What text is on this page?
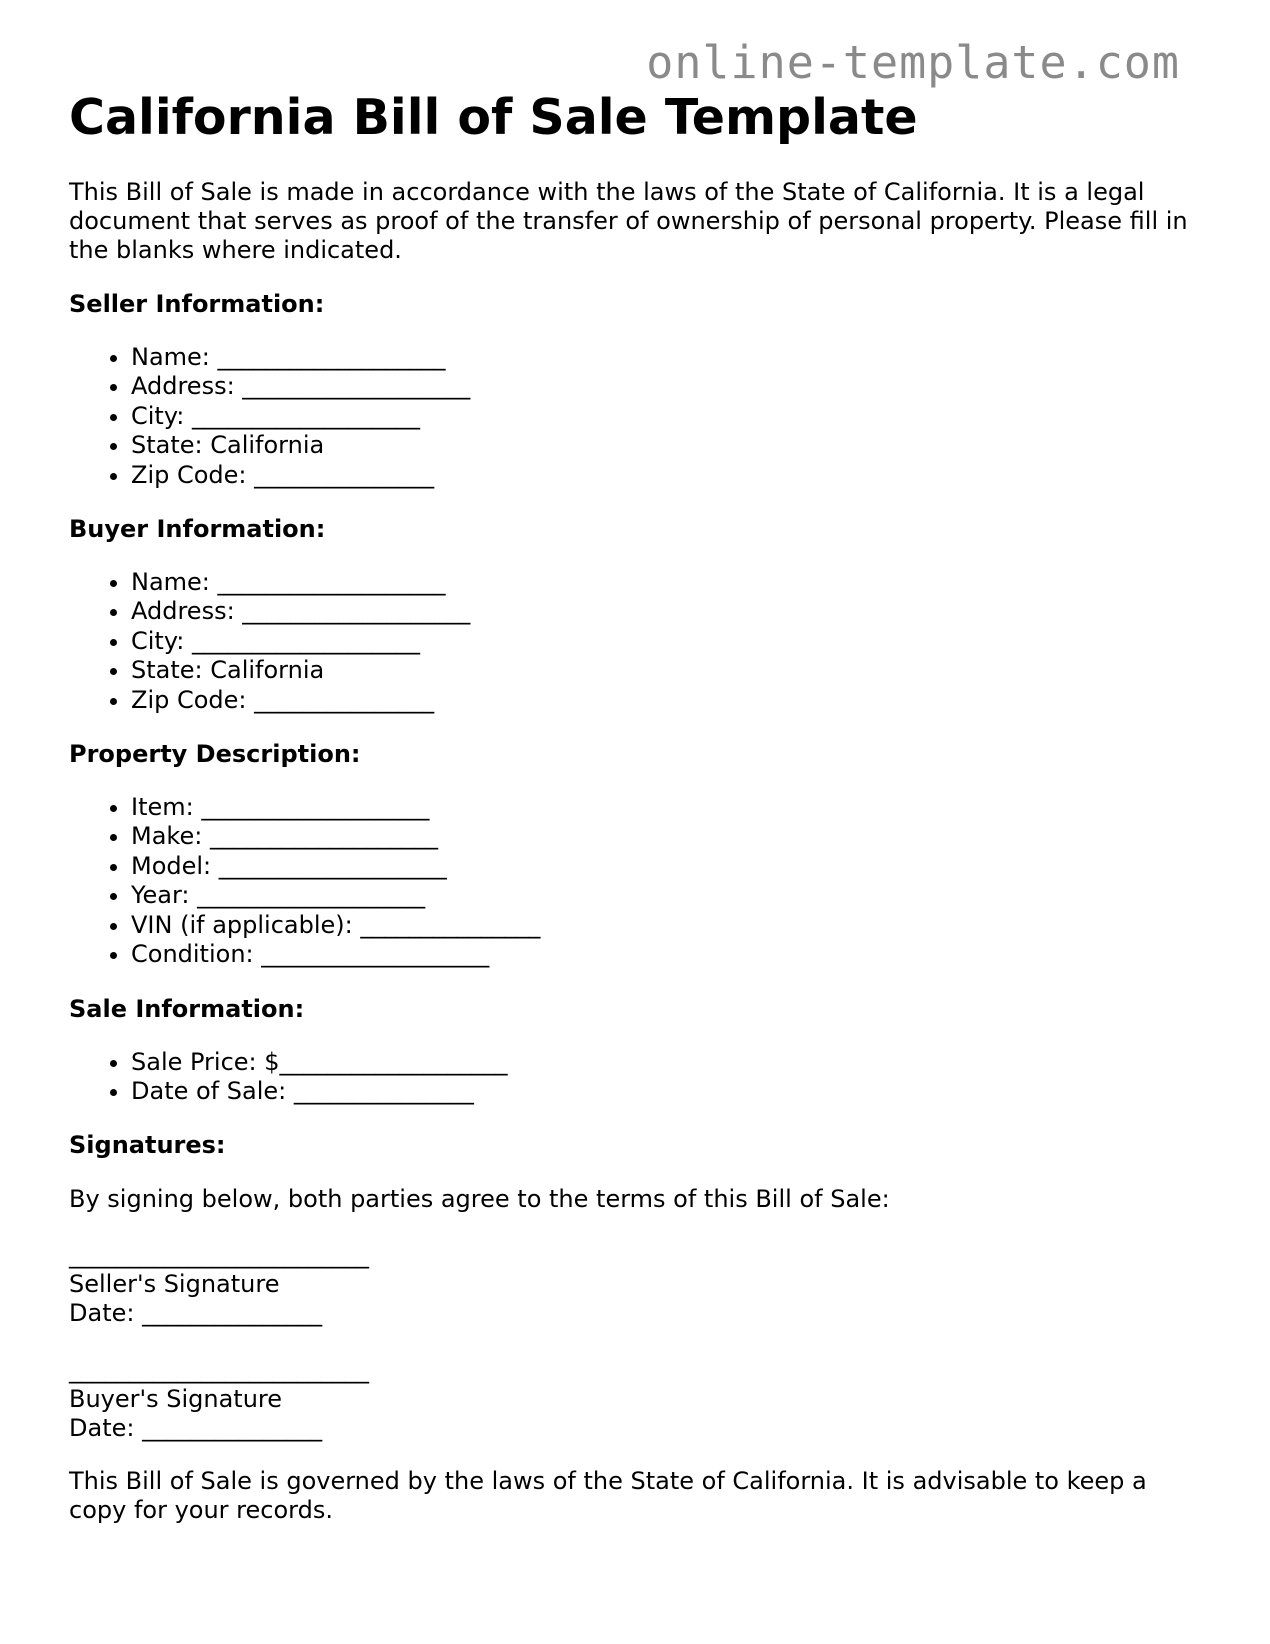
online-template.com
California Bill of Sale Template

This Bill of Sale is made in accordance with the laws of the State of California. It is a legal document that serves as proof of the transfer of ownership of personal property. Please fill in the blanks where indicated.

Seller Information:
• Name: ___________________
• Address: ___________________
• City: ___________________
• State: California
• Zip Code: _______________
Buyer Information:
• Name: ___________________
• Address: ___________________
• City: ___________________
• State: California
• Zip Code: _______________
Property Description:
• Item: ___________________
• Make: ___________________
• Model: ___________________
• Year: ___________________
• VIN (if applicable): _______________
• Condition: ___________________
Sale Information:
• Sale Price: $___________________
• Date of Sale: _______________
Signatures:

By signing below, both parties agree to the terms of this Bill of Sale:

_________________________

Seller's Signature

Date: _______________

_________________________

Buyer's Signature

Date: _______________

This Bill of Sale is governed by the laws of the State of California. It is advisable to keep a copy for your records.
